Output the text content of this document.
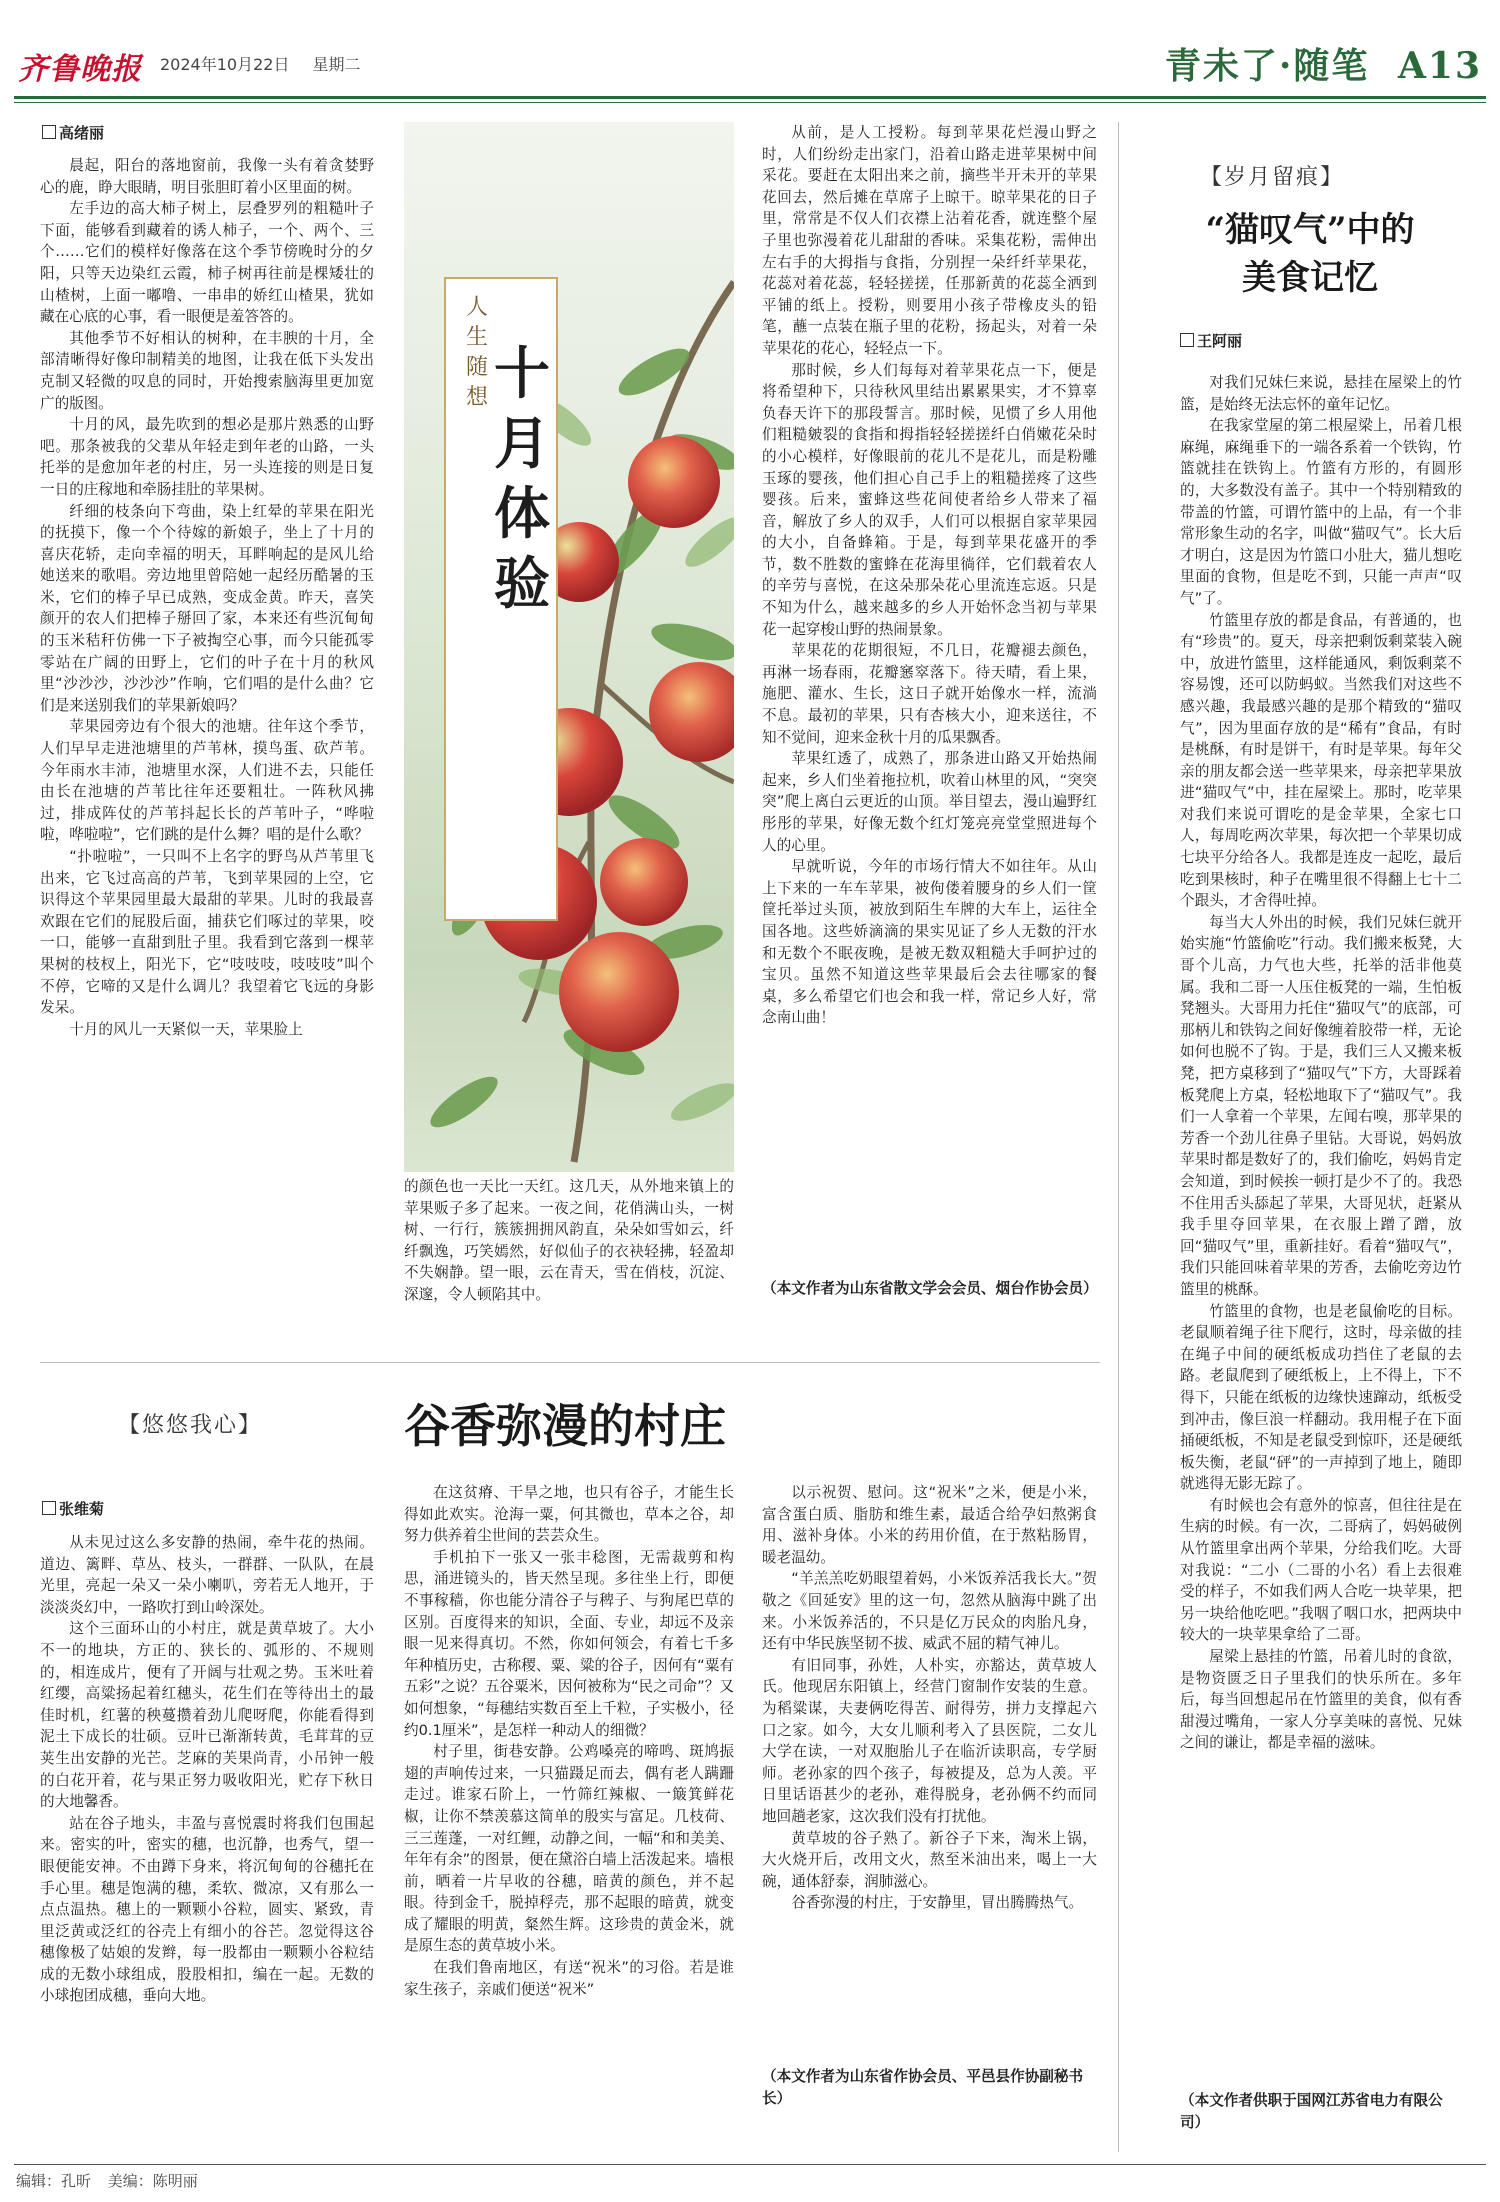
齐鲁晚报 2024年10月22日 星期二	青未了·随笔 A13
高绪丽

晨起，阳台的落地窗前，我像一头有着贪婪野心的鹿，睁大眼睛，明目张胆盯着小区里面的树。

左手边的高大柿子树上，层叠罗列的粗糙叶子下面，能够看到藏着的诱人柿子，一个、两个、三个……它们的模样好像落在这个季节傍晚时分的夕阳，只等天边染红云霞，柿子树再往前是棵矮壮的山楂树，上面一嘟噜、一串串的娇红山楂果，犹如藏在心底的心事，看一眼便是羞答答的。

其他季节不好相认的树种，在丰腴的十月，全部清晰得好像印制精美的地图，让我在低下头发出克制又轻微的叹息的同时，开始搜索脑海里更加宽广的版图。

十月的风，最先吹到的想必是那片熟悉的山野吧。那条被我的父辈从年轻走到年老的山路，一头托举的是愈加年老的村庄，另一头连接的则是日复一日的庄稼地和牵肠挂肚的苹果树。

纤细的枝条向下弯曲，染上红晕的苹果在阳光的抚摸下，像一个个待嫁的新娘子，坐上了十月的喜庆花轿，走向幸福的明天，耳畔响起的是风儿给她送来的歌唱。旁边地里曾陪她一起经历酷暑的玉米，它们的棒子早已成熟，变成金黄。昨天，喜笑颜开的农人们把棒子掰回了家，本来还有些沉甸甸的玉米秸秆仿佛一下子被掏空心事，而今只能孤零零站在广阔的田野上，它们的叶子在十月的秋风里“沙沙沙，沙沙沙”作响，它们唱的是什么曲？它们是来送别我们的苹果新娘吗？

苹果园旁边有个很大的池塘。往年这个季节，人们早早走进池塘里的芦苇林，摸鸟蛋、砍芦苇。今年雨水丰沛，池塘里水深，人们进不去，只能任由长在池塘的芦苇比往年还要粗壮。一阵秋风拂过，排成阵仗的芦苇抖起长长的芦苇叶子，“哗啦啦，哗啦啦”，它们跳的是什么舞？唱的是什么歌？

“扑啦啦”，一只叫不上名字的野鸟从芦苇里飞出来，它飞过高高的芦苇，飞到苹果园的上空，它识得这个苹果园里最大最甜的苹果。儿时的我最喜欢跟在它们的屁股后面，捕获它们啄过的苹果，咬一口，能够一直甜到肚子里。我看到它落到一棵苹果树的枝杈上，阳光下，它“吱吱吱，吱吱吱”叫个不停，它啼的又是什么调儿？我望着它飞远的身影发呆。

十月的风儿一天紧似一天，苹果脸上

人生随想 十月体验

的颜色也一天比一天红。这几天，从外地来镇上的苹果贩子多了起来。一夜之间，花俏满山头，一树树、一行行，簇簇拥拥风韵直，朵朵如雪如云，纤纤飘逸，巧笑嫣然，好似仙子的衣袂轻拂，轻盈却不失娴静。望一眼，云在青天，雪在俏枝，沉淀、深邃，令人顿陷其中。

从前，是人工授粉。每到苹果花烂漫山野之时，人们纷纷走出家门，沿着山路走进苹果树中间采花。要赶在太阳出来之前，摘些半开未开的苹果花回去，然后摊在草席子上晾干。晾苹果花的日子里，常常是不仅人们衣襟上沾着花香，就连整个屋子里也弥漫着花儿甜甜的香味。采集花粉，需伸出左右手的大拇指与食指，分别捏一朵纤纤苹果花，花蕊对着花蕊，轻轻搓搓，任那新黄的花蕊全洒到平铺的纸上。授粉，则要用小孩子带橡皮头的铅笔，蘸一点装在瓶子里的花粉，扬起头，对着一朵苹果花的花心，轻轻点一下。

那时候，乡人们每每对着苹果花点一下，便是将希望种下，只待秋风里结出累累果实，才不算辜负春天许下的那段誓言。那时候，见惯了乡人用他们粗糙皴裂的食指和拇指轻轻搓搓纤白俏嫩花朵时的小心模样，好像眼前的花儿不是花儿，而是粉雕玉琢的婴孩，他们担心自己手上的粗糙搓疼了这些婴孩。后来，蜜蜂这些花间使者给乡人带来了福音，解放了乡人的双手，人们可以根据自家苹果园的大小，自备蜂箱。于是，每到苹果花盛开的季节，数不胜数的蜜蜂在花海里徜徉，它们载着农人的辛劳与喜悦，在这朵那朵花心里流连忘返。只是不知为什么，越来越多的乡人开始怀念当初与苹果花一起穿梭山野的热闹景象。

苹果花的花期很短，不几日，花瓣褪去颜色，再淋一场春雨，花瓣窸窣落下。待天晴，看上果，施肥、灌水、生长，这日子就开始像水一样，流淌不息。最初的苹果，只有杏核大小，迎来送往，不知不觉间，迎来金秋十月的瓜果飘香。

苹果红透了，成熟了，那条进山路又开始热闹起来，乡人们坐着拖拉机，吹着山林里的风，“突突突”爬上离白云更近的山顶。举目望去，漫山遍野红彤彤的苹果，好像无数个红灯笼亮亮堂堂照进每个人的心里。

早就听说，今年的市场行情大不如往年。从山上下来的一车车苹果，被佝偻着腰身的乡人们一筐筐托举过头顶，被放到陌生车牌的大车上，运往全国各地。这些娇滴滴的果实见证了乡人无数的汗水和无数个不眠夜晚，是被无数双粗糙大手呵护过的宝贝。虽然不知道这些苹果最后会去往哪家的餐桌，多么希望它们也会和我一样，常记乡人好，常念南山曲！

（本文作者为山东省散文学会会员、烟台作协会员）
【岁月留痕】
“猫叹气”中的
美食记忆
王阿丽

对我们兄妹仨来说，悬挂在屋梁上的竹篮，是始终无法忘怀的童年记忆。

在我家堂屋的第二根屋梁上，吊着几根麻绳，麻绳垂下的一端各系着一个铁钩，竹篮就挂在铁钩上。竹篮有方形的，有圆形的，大多数没有盖子。其中一个特别精致的带盖的竹篮，可谓竹篮中的上品，有一个非常形象生动的名字，叫做“猫叹气”。长大后才明白，这是因为竹篮口小肚大，猫儿想吃里面的食物，但是吃不到，只能一声声“叹气”了。

竹篮里存放的都是食品，有普通的，也有“珍贵”的。夏天，母亲把剩饭剩菜装入碗中，放进竹篮里，这样能通风，剩饭剩菜不容易馊，还可以防蚂蚁。当然我们对这些不感兴趣，我最感兴趣的是那个精致的“猫叹气”，因为里面存放的是“稀有”食品，有时是桃酥，有时是饼干，有时是苹果。每年父亲的朋友都会送一些苹果来，母亲把苹果放进“猫叹气”中，挂在屋梁上。那时，吃苹果对我们来说可谓吃的是金苹果，全家七口人，每周吃两次苹果，每次把一个苹果切成七块平分给各人。我都是连皮一起吃，最后吃到果核时，种子在嘴里很不得翻上七十二个跟头，才舍得吐掉。

每当大人外出的时候，我们兄妹仨就开始实施“竹篮偷吃”行动。我们搬来板凳，大哥个儿高，力气也大些，托举的活非他莫属。我和二哥一人压住板凳的一端，生怕板凳翘头。大哥用力托住“猫叹气”的底部，可那柄儿和铁钩之间好像缠着胶带一样，无论如何也脱不了钩。于是，我们三人又搬来板凳，把方桌移到了“猫叹气”下方，大哥踩着板凳爬上方桌，轻松地取下了“猫叹气”。我们一人拿着一个苹果，左闻右嗅，那苹果的芳香一个劲儿往鼻子里钻。大哥说，妈妈放苹果时都是数好了的，我们偷吃，妈妈肯定会知道，到时候挨一顿打是少不了的。我恐不住用舌头舔起了苹果，大哥见状，赶紧从我手里夺回苹果，在衣服上蹭了蹭，放回“猫叹气”里，重新挂好。看着“猫叹气”，我们只能回味着苹果的芳香，去偷吃旁边竹篮里的桃酥。

竹篮里的食物，也是老鼠偷吃的目标。老鼠顺着绳子往下爬行，这时，母亲做的挂在绳子中间的硬纸板成功挡住了老鼠的去路。老鼠爬到了硬纸板上，上不得上，下不得下，只能在纸板的边缘快速蹿动，纸板受到冲击，像巨浪一样翻动。我用棍子在下面捅硬纸板，不知是老鼠受到惊吓，还是硬纸板失衡，老鼠“砰”的一声掉到了地上，随即就逃得无影无踪了。

有时候也会有意外的惊喜，但往往是在生病的时候。有一次，二哥病了，妈妈破例从竹篮里拿出两个苹果，分给我们吃。大哥对我说：“二小（二哥的小名）看上去很难受的样子，不如我们两人合吃一块苹果，把另一块给他吃吧。”我咽了咽口水，把两块中较大的一块苹果拿给了二哥。

屋梁上悬挂的竹篮，吊着儿时的食欲，是物资匮乏日子里我们的快乐所在。多年后，每当回想起吊在竹篮里的美食，似有香甜漫过嘴角，一家人分享美味的喜悦、兄妹之间的谦让，都是幸福的滋味。

（本文作者供职于国网江苏省电力有限公司）
【悠悠我心】	谷香弥漫的村庄
张维菊

从未见过这么多安静的热闹，牵牛花的热闹。道边、篱畔、草丛、枝头，一群群、一队队，在晨光里，亮起一朵又一朵小喇叭，旁若无人地开，于淡淡炎幻中，一路吹打到山岭深处。

这个三面环山的小村庄，就是黄草坡了。大小不一的地块，方正的、狭长的、弧形的、不规则的，相连成片，便有了开阔与壮观之势。玉米吐着红缨，高粱扬起着红穗头，花生们在等待出土的最佳时机，红薯的秧蔓攒着劲儿爬呀爬，你能看得到泥土下成长的壮硕。豆叶已渐渐转黄，毛茸茸的豆荚生出安静的光芒。芝麻的芙果尚青，小吊钟一般的白花开着，花与果正努力吸收阳光，贮存下秋日的大地馨香。

站在谷子地头，丰盈与喜悦震时将我们包围起来。密实的叶，密实的穗，也沉静，也秀气，望一眼便能安神。不由蹲下身来，将沉甸甸的谷穗托在手心里。穗是饱满的穗，柔软、微凉，又有那么一点点温热。穗上的一颗颗小谷粒，圆实、紧致，青里泛黄或泛红的谷壳上有细小的谷芒。忽觉得这谷穗像极了姑娘的发辫，每一股都由一颗颗小谷粒结成的无数小球组成，股股相扣，编在一起。无数的小球抱团成穗，垂向大地。

在这贫瘠、干旱之地，也只有谷子，才能生长得如此欢实。沧海一粟，何其微也，草本之谷，却努力供养着尘世间的芸芸众生。

手机拍下一张又一张丰稔图，无需裁剪和构思，涌进镜头的，皆天然呈现。多往坐上行，即便不事稼穑，你也能分清谷子与稗子、与狗尾巴草的区别。百度得来的知识，全面、专业，却远不及亲眼一见来得真切。不然，你如何领会，有着七千多年种植历史，古称稷、粟、粱的谷子，因何有“粟有五彩”之说？五谷粟米，因何被称为“民之司命”？又如何想象，“每穗结实数百至上千粒，子实极小，径约0.1厘米”，是怎样一种动人的细微？

村子里，街巷安静。公鸡嗓亮的啼鸣、斑鸠振翅的声响传过来，一只猫蹑足而去，偶有老人蹒跚走过。谁家石阶上，一竹筛红辣椒、一簸箕鲜花椒，让你不禁羡慕这简单的殷实与富足。几枝荷、三三莲蓬，一对红鲤，动静之间，一幅“和和美美、年年有余”的图景，便在黛浴白墙上活泼起来。墙根前，晒着一片早收的谷穗，暗黄的颜色，并不起眼。待到金千，脱掉稃壳，那不起眼的暗黄，就变成了耀眼的明黄，粲然生辉。这珍贵的黄金米，就是原生态的黄草坡小米。

在我们鲁南地区，有送“祝米”的习俗。若是谁家生孩子，亲戚们便送“祝米”

以示祝贺、慰问。这“祝米”之米，便是小米，富含蛋白质、脂肪和维生素，最适合给孕妇熬粥食用、滋补身体。小米的药用价值，在于熬粘肠胃，暖老温幼。

“羊羔羔吃奶眼望着妈，小米饭养活我长大。”贺敬之《回延安》里的这一句，忽然从脑海中跳了出来。小米饭养活的，不只是亿万民众的肉胎凡身，还有中华民族坚韧不拔、威武不屈的精气神儿。

有旧同事，孙姓，人朴实，亦豁达，黄草坡人氏。他现居东阳镇上，经营门窗制作安装的生意。为稻粱谋，夫妻俩吃得苦、耐得劳，拼力支撑起六口之家。如今，大女儿顺利考入了县医院，二女儿大学在读，一对双胞胎儿子在临沂读职高，专学厨师。老孙家的四个孩子，每被提及，总为人羡。平日里话语甚少的老孙，难得脱身，老孙俩不约而同地回趟老家，这次我们没有打扰他。

黄草坡的谷子熟了。新谷子下来，淘米上锅，大火烧开后，改用文火，熬至米油出来，喝上一大碗，通体舒泰，润肺滋心。

谷香弥漫的村庄，于安静里，冒出腾腾热气。

（本文作者为山东省作协会员、平邑县作协副秘书长）
编辑：孔昕 美编：陈明丽
